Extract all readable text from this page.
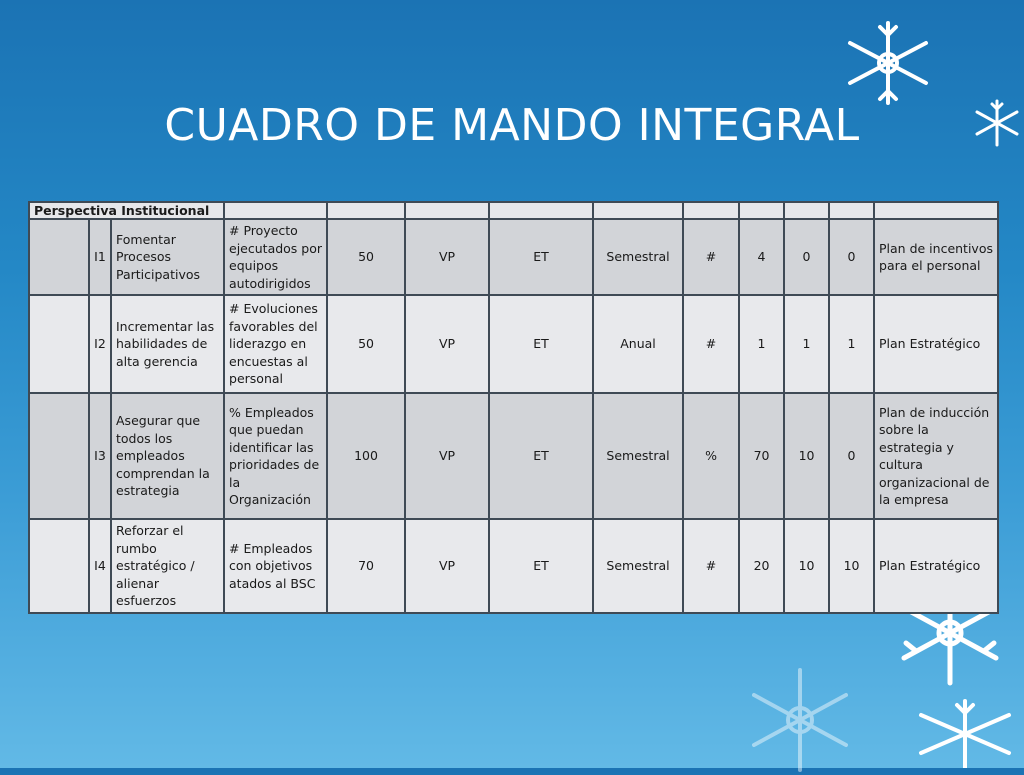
CUADRO DE MANDO INTEGRAL
Perspectiva Institucional												
	I1	Fomentar Procesos Participativos	# Proyecto ejecutados por equipos autodirigidos	50	VP	ET	Semestral	#	4	0	0	Plan de incentivos para el personal
	I2	Incrementar las habilidades de alta gerencia	# Evoluciones favorables del liderazgo en encuestas al personal	50	VP	ET	Anual	#	1	1	1	Plan Estratégico
	I3	Asegurar que todos los empleados comprendan la estrategia	% Empleados que puedan identificar las prioridades de la Organización	100	VP	ET	Semestral	%	70	10	0	Plan de inducción sobre la estrategia y cultura organizacional de la empresa
	I4	Reforzar el rumbo estratégico / alienar esfuerzos	# Empleados con objetivos atados al BSC	70	VP	ET	Semestral	#	20	10	10	Plan Estratégico
